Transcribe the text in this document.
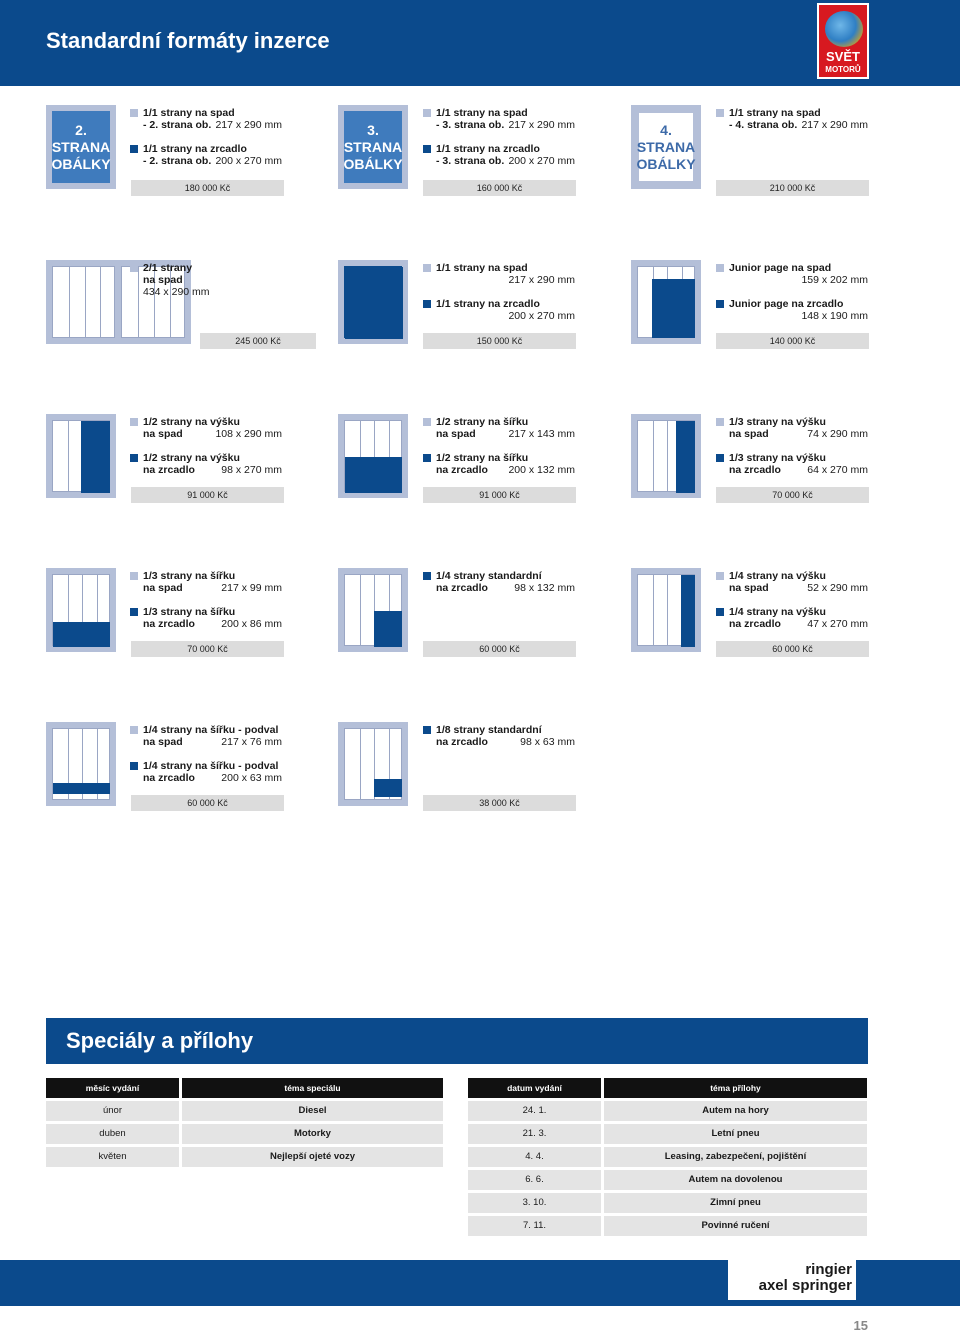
Standardní formáty inzerce
SVĚT
MOTORŮ
2.
STRANA
OBÁLKY
1/1 strany na spad
- 2. strana ob. 217 x 290 mm
1/1 strany na zrcadlo
- 2. strana ob. 200 x 270 mm
180 000 Kč
3.
STRANA
OBÁLKY
1/1 strany na spad
- 3. strana ob. 217 x 290 mm
1/1 strany na zrcadlo
- 3. strana ob. 200 x 270 mm
160 000 Kč
4.
STRANA
OBÁLKY
1/1 strany na spad
- 4. strana ob. 217 x 290 mm
210 000 Kč
2/1 strany
na spad
434 x 290 mm
245 000 Kč
1/1 strany na spad
217 x 290 mm
1/1 strany na zrcadlo
200 x 270 mm
150 000 Kč
Junior page na spad
159 x 202 mm
Junior page na zrcadlo
148 x 190 mm
140 000 Kč
1/2 strany na výšku
na spad	108 x 290 mm
1/2 strany na výšku
na zrcadlo	98 x 270 mm
91 000 Kč
1/2 strany na šířku
na spad	217 x 143 mm
1/2 strany na šířku
na zrcadlo 200 x 132 mm
91 000 Kč
1/3 strany na výšku
na spad	74 x 290 mm
1/3 strany na výšku
na zrcadlo	64 x 270 mm
70 000 Kč
1/3 strany na šířku
na spad	217 x 99 mm
1/3 strany na šířku
na zrcadlo	200 x 86 mm
70 000 Kč
1/4 strany standardní
na zrcadlo	98 x 132 mm
60 000 Kč
1/4 strany na výšku
na spad	52 x 290 mm
1/4 strany na výšku
na zrcadlo	47 x 270 mm
60 000 Kč
1/4 strany na šířku - podval
na spad	217 x 76 mm
1/4 strany na šířku - podval
na zrcadlo	200 x 63 mm
60 000 Kč
1/8 strany standardní
na zrcadlo	98 x 63 mm
38 000 Kč
Speciály a přílohy
měsíc vydání	téma speciálu
únor	Diesel
duben	Motorky
květen	Nejlepší ojeté vozy
datum vydání	téma přílohy
24. 1.	Autem na hory
21. 3.	Letní pneu
4. 4.	Leasing, zabezpečení, pojištění
6. 6.	Autem na dovolenou
3. 10.	Zimní pneu
7. 11.	Povinné ručení
ringier
axel springer
15
